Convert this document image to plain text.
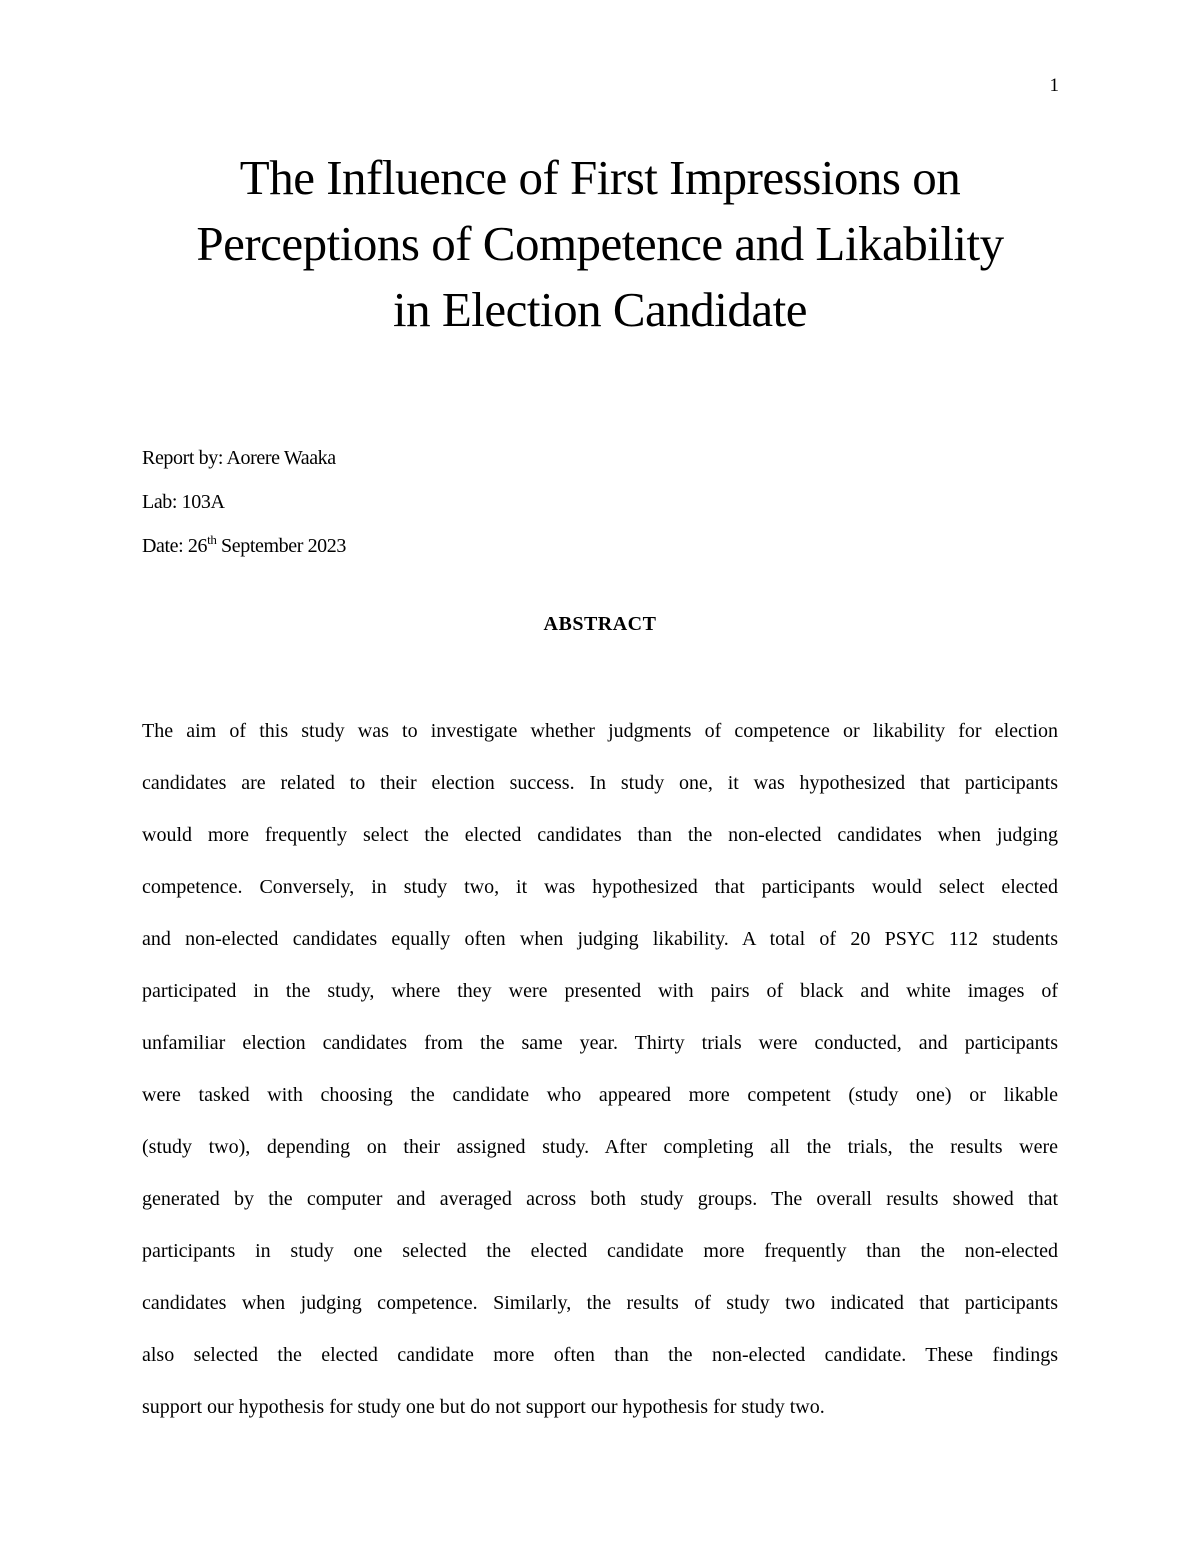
1
The Influence of First Impressions on
Perceptions of Competence and Likability
in Election Candidate
Report by: Aorere Waaka
Lab: 103A
Date: 26th September 2023
ABSTRACT
The aim of this study was to investigate whether judgments of competence or likability for election
candidates are related to their election success. In study one, it was hypothesized that participants
would more frequently select the elected candidates than the non-elected candidates when judging
competence. Conversely, in study two, it was hypothesized that participants would select elected
and non-elected candidates equally often when judging likability. A total of 20 PSYC 112 students
participated in the study, where they were presented with pairs of black and white images of
unfamiliar election candidates from the same year. Thirty trials were conducted, and participants
were tasked with choosing the candidate who appeared more competent (study one) or likable
(study two), depending on their assigned study. After completing all the trials, the results were
generated by the computer and averaged across both study groups. The overall results showed that
participants in study one selected the elected candidate more frequently than the non-elected
candidates when judging competence. Similarly, the results of study two indicated that participants
also selected the elected candidate more often than the non-elected candidate. These findings
support our hypothesis for study one but do not support our hypothesis for study two.
